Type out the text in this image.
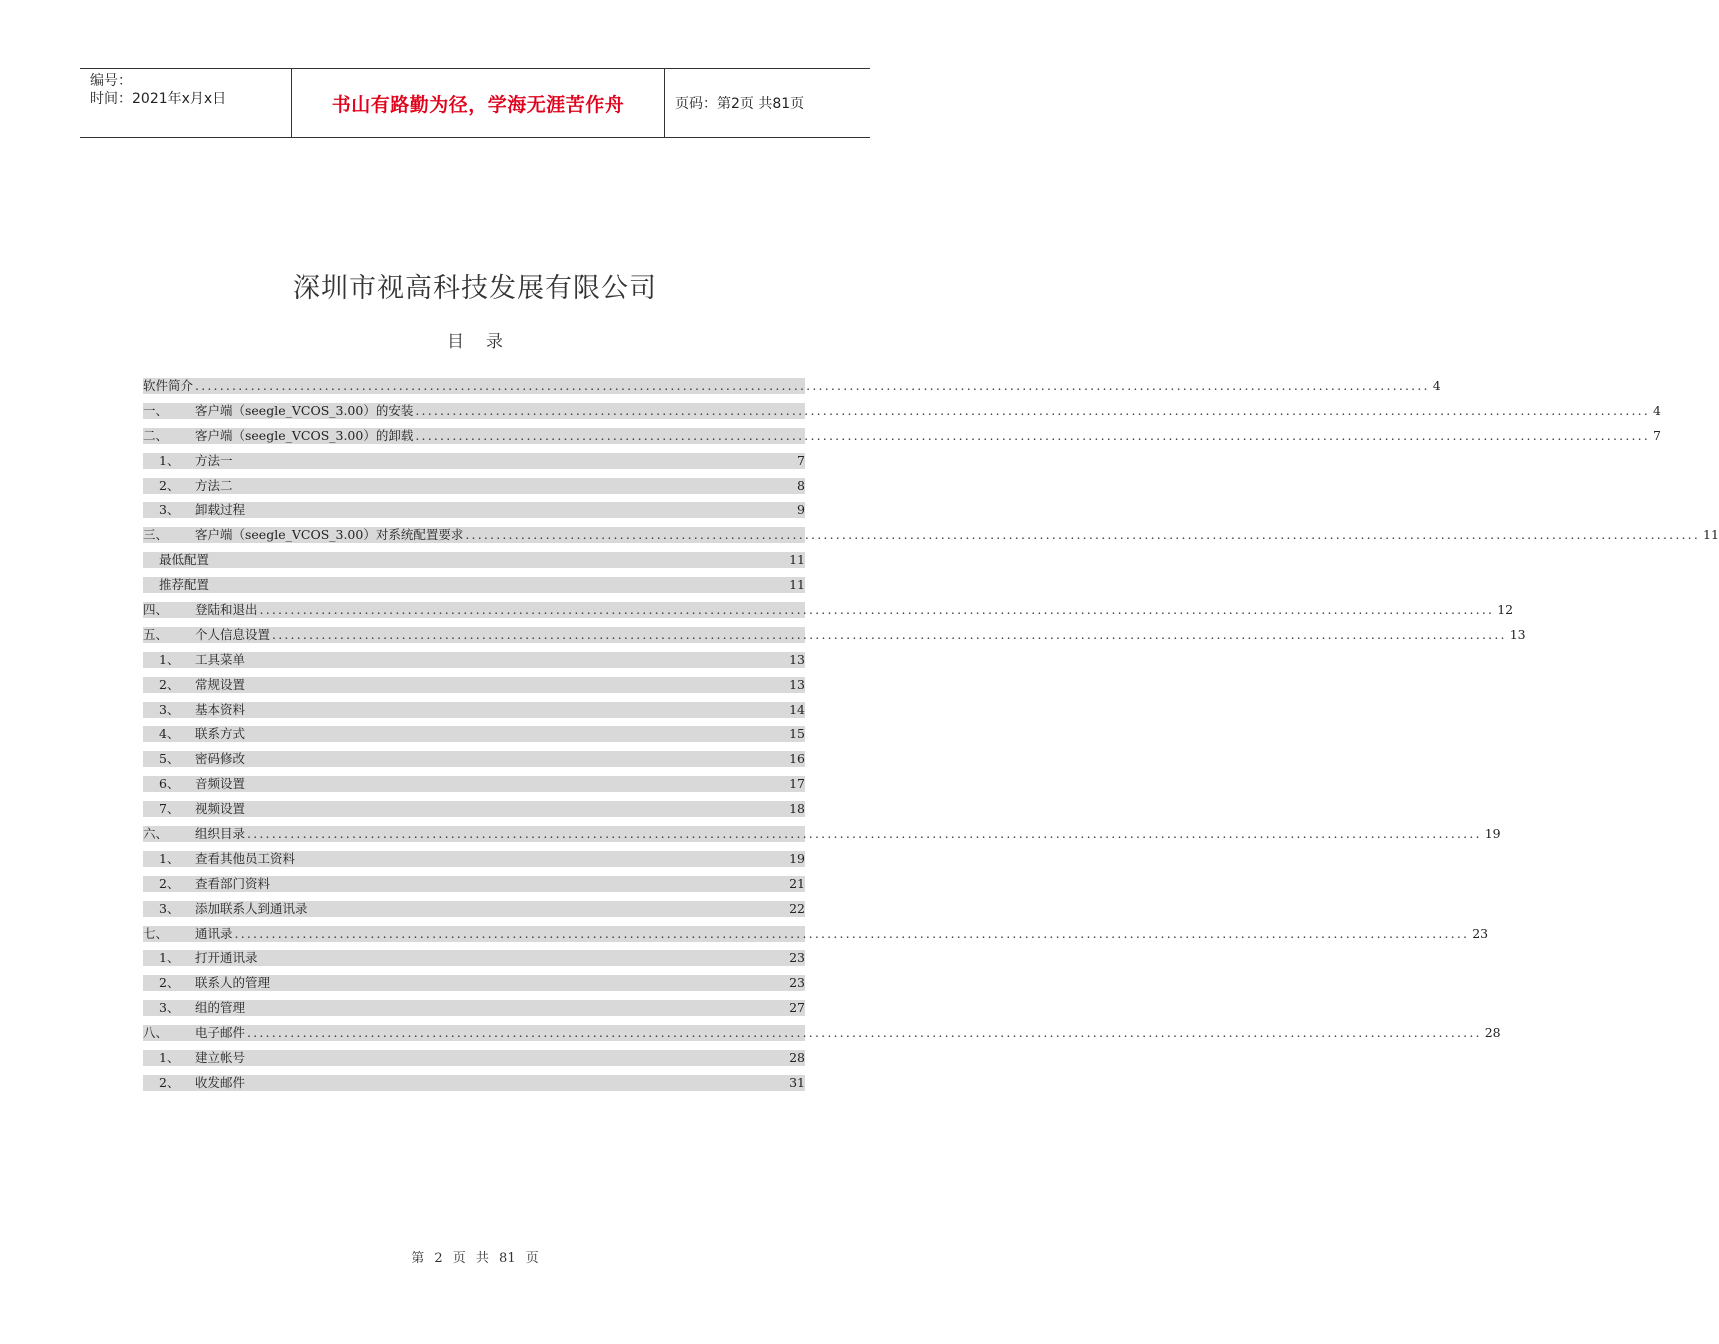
编号：
时间：2021年x月x日	书山有路勤为径，学海无涯苦作舟	页码：第2页 共81页
深圳市视高科技发展有限公司
目录
软件简介 ........................................................................................................................................................................................................ 4
一、	客户端（seegle_VCOS_3.00）的安装 ........................................................................................................................................................................................................ 4
二、	客户端（seegle_VCOS_3.00）的卸载 ........................................................................................................................................................................................................ 7
1、	方法一	7
2、	方法二	8
3、	卸载过程	9
三、	客户端（seegle_VCOS_3.00）对系统配置要求 ........................................................................................................................................................................................................ 11
最低配置	11
推荐配置	11
四、	登陆和退出 ........................................................................................................................................................................................................ 12
五、	个人信息设置 ........................................................................................................................................................................................................ 13
1、	工具菜单	13
2、	常规设置	13
3、	基本资料	14
4、	联系方式	15
5、	密码修改	16
6、	音频设置	17
7、	视频设置	18
六、	组织目录 ........................................................................................................................................................................................................ 19
1、	查看其他员工资料	19
2、	查看部门资料	21
3、	添加联系人到通讯录	22
七、	通讯录 ........................................................................................................................................................................................................ 23
1、	打开通讯录	23
2、	联系人的管理	23
3、	组的管理	27
八、	电子邮件 ........................................................................................................................................................................................................ 28
1、	建立帐号	28
2、	收发邮件	31
第 2 页 共 81 页
